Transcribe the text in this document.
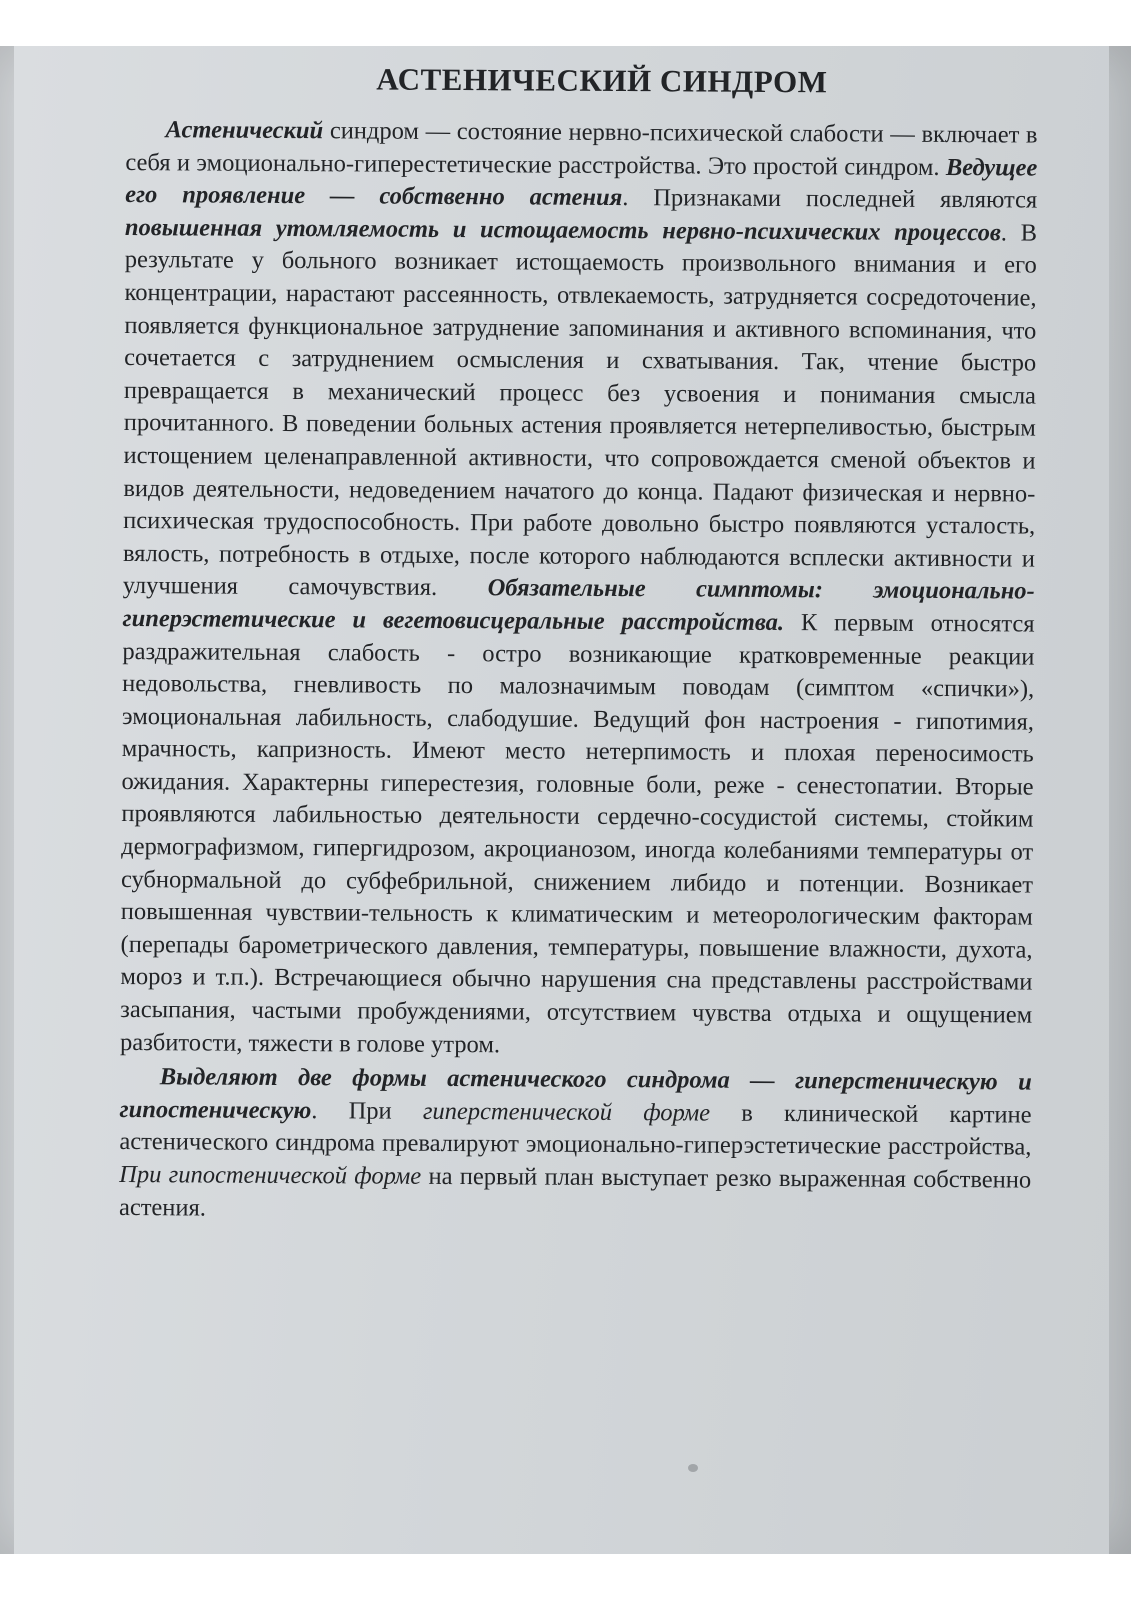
АСТЕНИЧЕСКИЙ СИНДРОМ

Астенический синдром — состояние нервно-психической слабости — включает в себя и эмоционально-гиперестетические расстройства. Это простой синдром. Ведущее его проявление — собственно астения. Признаками последней являются повышенная утомляемость и истощаемость нервно-психических процессов. В результате у больного возникает истощаемость произвольного внимания и его концентрации, нарастают рассеянность, отвлекаемость, затрудняется сосредоточение, появляется функциональное затруднение запоминания и активного вспоминания, что сочетается с затруднением осмысления и схватывания. Так, чтение быстро превращается в механический процесс без усвоения и понимания смысла прочитанного. В поведении больных астения проявляется нетерпеливостью, быстрым истощением целенаправленной активности, что сопровождается сменой объектов и видов деятельности, недоведением начатого до конца. Падают физическая и нервно-психическая трудоспособность. При работе довольно быстро появляются усталость, вялость, потребность в отдыхе, после которого наблюдаются всплески активности и улучшения самочувствия. Обязательные симптомы: эмоционально-гиперэстетические и вегетовисцеральные расстройства. К первым относятся раздражительная слабость - остро возникающие кратковременные реакции недовольства, гневливость по малозначимым поводам (симптом «спички»), эмоциональная лабильность, слабодушие. Ведущий фон настроения - гипотимия, мрачность, капризность. Имеют место нетерпимость и плохая переносимость ожидания. Характерны гиперестезия, головные боли, реже - сенестопатии. Вторые проявляются лабильностью деятельности сердечно-сосудистой системы, стойким дермографизмом, гипергидрозом, акроцианозом, иногда колебаниями температуры от субнормальной до субфебрильной, снижением либидо и потенции. Возникает повышенная чувствии-тельность к климатическим и метеорологическим факторам (перепады барометрического давления, температуры, повышение влажности, духота, мороз и т.п.). Встречающиеся обычно нарушения сна представлены расстройствами засыпания, частыми пробуждениями, отсутствием чувства отдыха и ощущением разбитости, тяжести в голове утром.

Выделяют две формы астенического синдрома — гиперстеническую и гипостеническую. При гиперстенической форме в клинической картине астенического синдрома превалируют эмоционально-гиперэстетические расстройства, При гипостенической форме на первый план выступает резко выраженная собственно астения.
